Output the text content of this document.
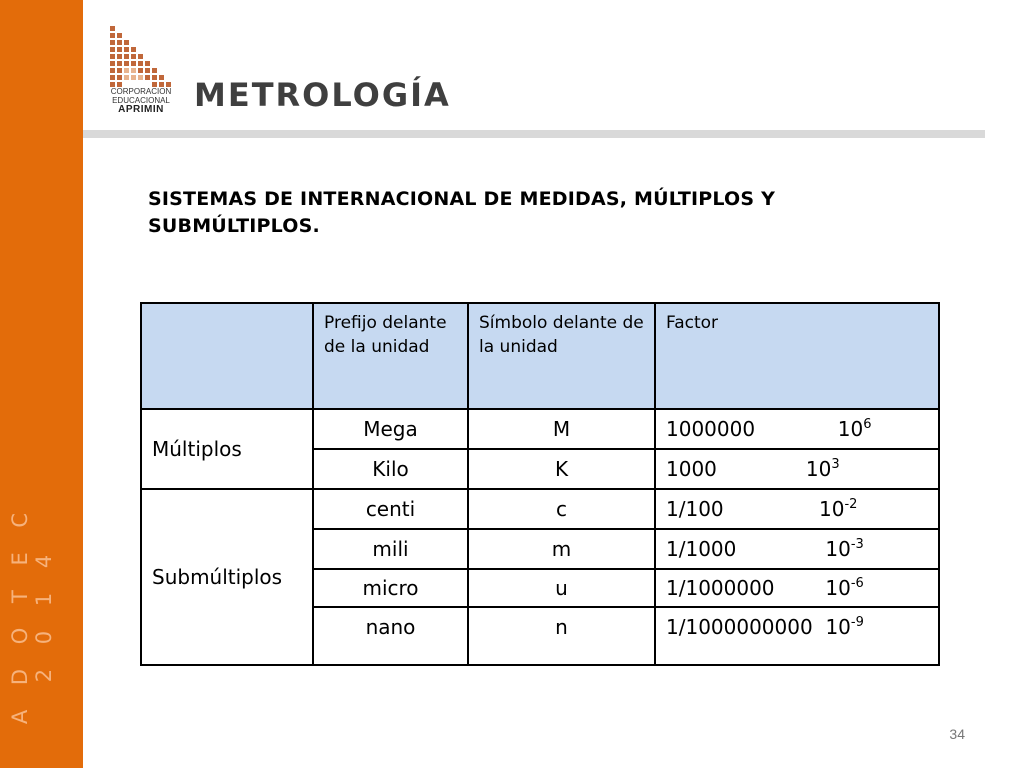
A D O T E C 2 0 1 4
CORPORACION
EDUCACIONAL
APRIMIN METROLOGÍA
SISTEMAS DE INTERNACIONAL DE MEDIDAS, MÚLTIPLOS Y SUBMÚLTIPLOS.
	Prefijo delante de la unidad	Símbolo delante de la unidad	Factor
Múltiplos	Mega	M	1000000 $10^6$
	Kilo	K	1000 $10^3$
Submúltiplos	centi	c	1/100 $10^{-2}$
	mili	m	1/1000 $10^{-3}$
	micro	u	1/1000000 $10^{-6}$
	nano	n	1/1000000000 $10^{-9}$
34
